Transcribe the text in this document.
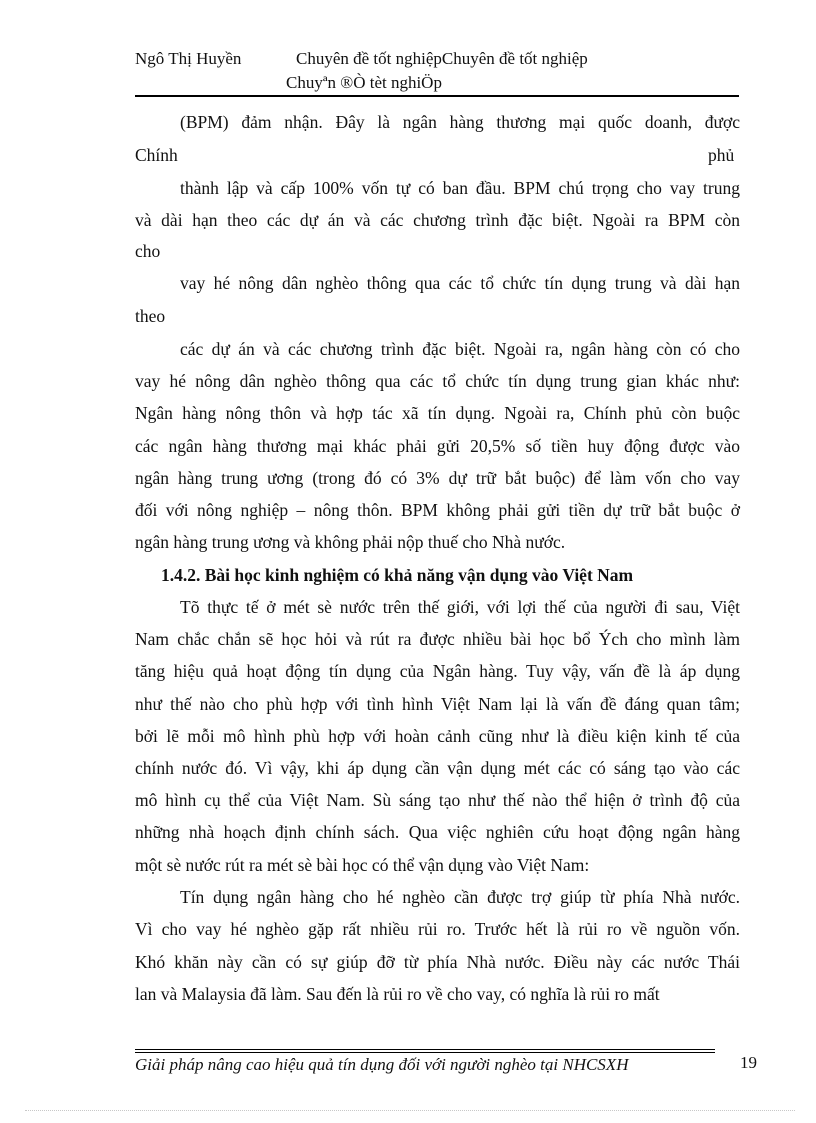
Ngô Thị Huyền	Chuyên đề tốt nghiệpChuyên đề tốt nghiệp
Chuyªn ®Ò tèt nghiÖp
(BPM) đảm nhận. Đây là ngân hàng thương mại quốc doanh, được
Chính	phủ
thành lập và cấp 100% vốn tự có ban đầu. BPM chú trọng cho vay trung
và dài hạn theo các dự án và các chương trình đặc biệt. Ngoài ra BPM còn
cho
vay hé nông dân nghèo thông qua các tổ chức tín dụng trung và dài hạn
theo
các dự án và các chương trình đặc biệt. Ngoài ra, ngân hàng còn có cho
vay hé nông dân nghèo thông qua các tổ chức tín dụng trung gian khác như:
Ngân hàng nông thôn và hợp tác xã tín dụng. Ngoài ra, Chính phủ còn buộc
các ngân hàng thương mại khác phải gửi 20,5% số tiền huy động được vào
ngân hàng trung ương (trong đó có 3% dự trữ bắt buộc) để làm vốn cho vay
đối với nông nghiệp – nông thôn. BPM không phải gửi tiền dự trữ bắt buộc ở
ngân hàng trung ương và không phải nộp thuế cho Nhà nước.
1.4.2. Bài học kinh nghiệm có khả năng vận dụng vào Việt Nam
Tõ thực tế ở mét sè nước trên thế giới, với lợi thế của người đi sau, Việt
Nam chắc chắn sẽ học hỏi và rút ra được nhiều bài học bổ Ých cho mình làm
tăng hiệu quả hoạt động tín dụng của Ngân hàng. Tuy vậy, vấn đề là áp dụng
như thế nào cho phù hợp với tình hình Việt Nam lại là vấn đề đáng quan tâm;
bởi lẽ mỗi mô hình phù hợp với hoàn cảnh cũng như là điều kiện kinh tế của
chính nước đó. Vì vậy, khi áp dụng cần vận dụng mét các có sáng tạo vào các
mô hình cụ thể của Việt Nam. Sù sáng tạo như thế nào thể hiện ở trình độ của
những nhà hoạch định chính sách. Qua việc nghiên cứu hoạt động ngân hàng
một sè nước rút ra mét sè bài học có thể vận dụng vào Việt Nam:
Tín dụng ngân hàng cho hé nghèo cần được trợ giúp từ phía Nhà nước.
Vì cho vay hé nghèo gặp rất nhiều rủi ro. Trước hết là rủi ro về nguồn vốn.
Khó khăn này cần có sự giúp đỡ từ phía Nhà nước. Điều này các nước Thái
lan và Malaysia đã làm. Sau đến là rủi ro về cho vay, có nghĩa là rủi ro mất
Giải pháp nâng cao hiệu quả tín dụng đối với người nghèo tại NHCSXH	19
